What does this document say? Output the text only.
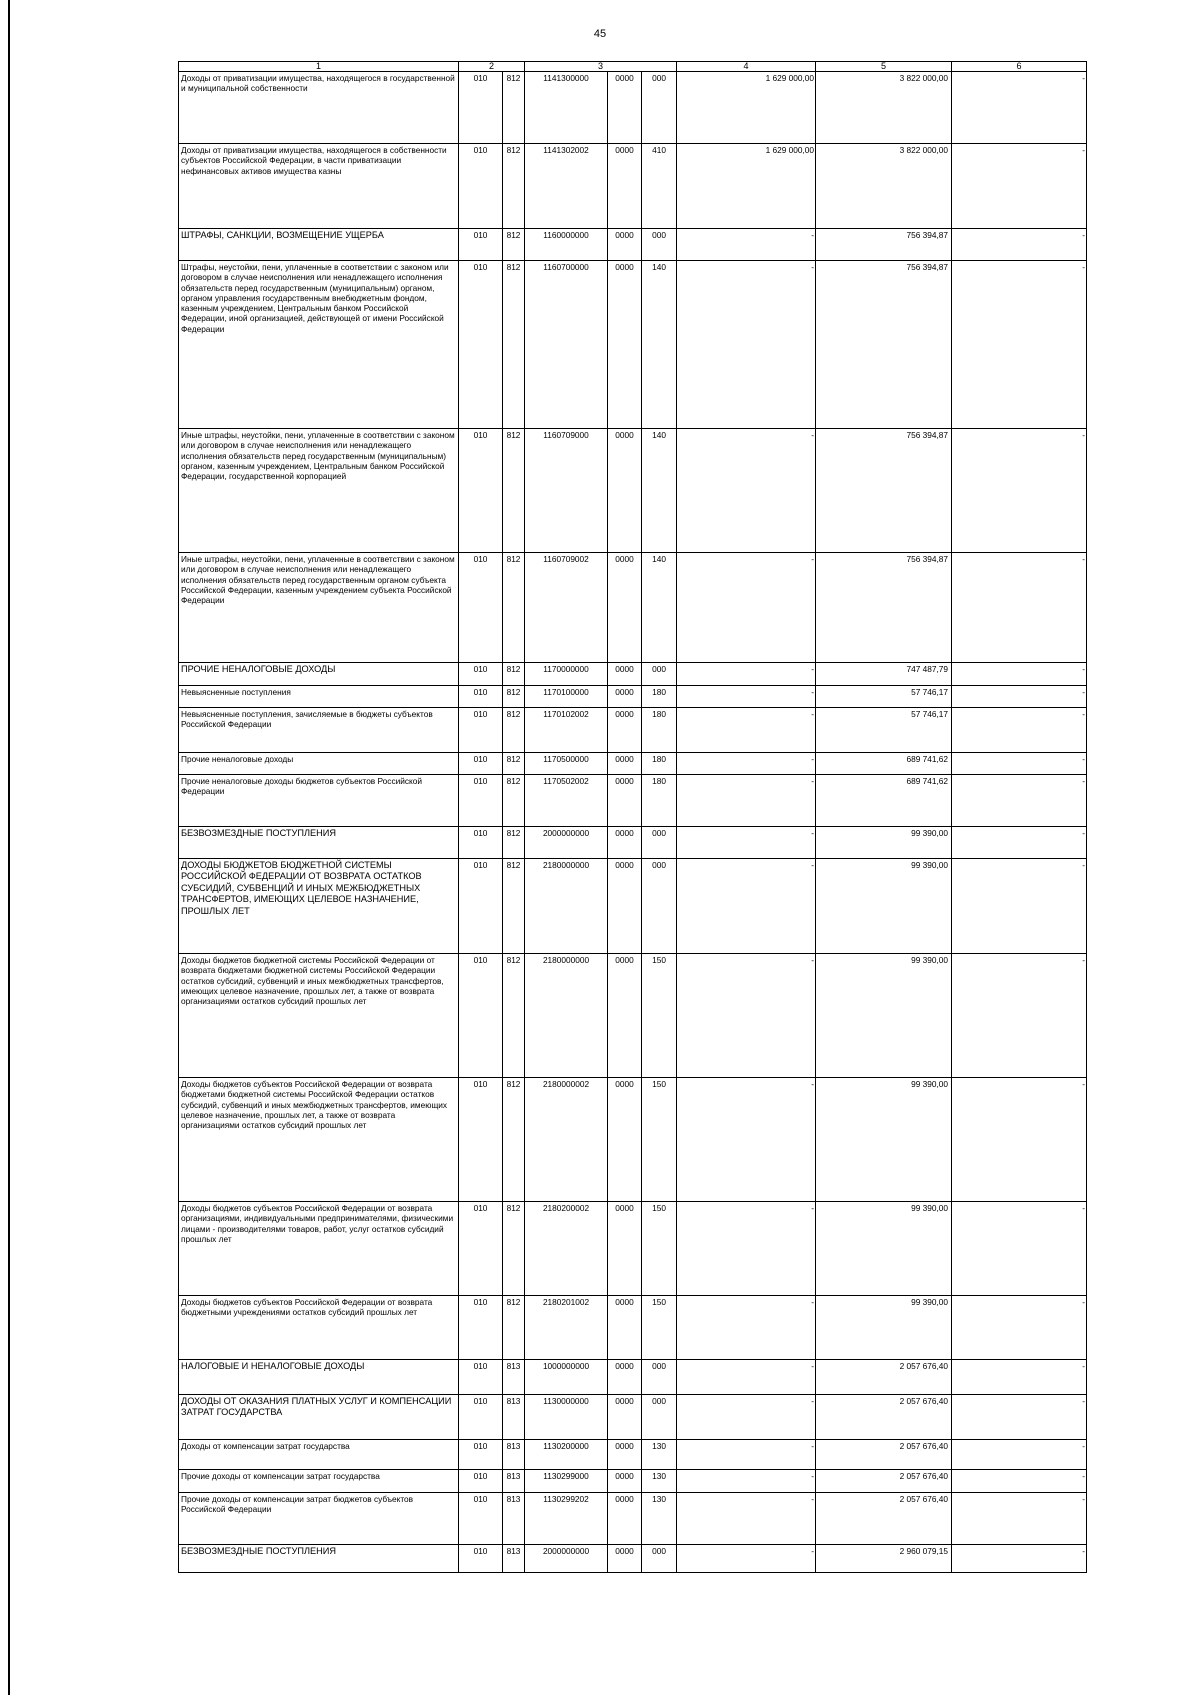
45
1	2		3			4	5	6
Доходы от приватизации имущества, находящегося в государственной и муниципальной собственности	010	812	1141300000	0000	000	1 629 000,00	3 822 000,00	-
Доходы от приватизации имущества, находящегося в собственности субъектов Российской Федерации, в части приватизации нефинансовых активов имущества казны	010	812	1141302002	0000	410	1 629 000,00	3 822 000,00	-
ШТРАФЫ, САНКЦИИ, ВОЗМЕЩЕНИЕ УЩЕРБА	010	812	1160000000	0000	000	-	756 394,87	-
Штрафы, неустойки, пени, уплаченные в соответствии с законом или договором в случае неисполнения или ненадлежащего исполнения обязательств перед государственным (муниципальным) органом, органом управления государственным внебюджетным фондом, казенным учреждением, Центральным банком Российской Федерации, иной организацией, действующей от имени Российской Федерации	010	812	1160700000	0000	140	-	756 394,87	-
Иные штрафы, неустойки, пени, уплаченные в соответствии с законом или договором в случае неисполнения или ненадлежащего исполнения обязательств перед государственным (муниципальным) органом, казенным учреждением, Центральным банком Российской Федерации, государственной корпорацией	010	812	1160709000	0000	140	-	756 394,87	-
Иные штрафы, неустойки, пени, уплаченные в соответствии с законом или договором в случае неисполнения или ненадлежащего исполнения обязательств перед государственным органом субъекта Российской Федерации, казенным учреждением субъекта Российской Федерации	010	812	1160709002	0000	140	-	756 394,87	-
ПРОЧИЕ НЕНАЛОГОВЫЕ ДОХОДЫ	010	812	1170000000	0000	000	-	747 487,79	-
Невыясненные поступления	010	812	1170100000	0000	180	-	57 746,17	-
Невыясненные поступления, зачисляемые в бюджеты субъектов Российской Федерации	010	812	1170102002	0000	180	-	57 746,17	-
Прочие неналоговые доходы	010	812	1170500000	0000	180	-	689 741,62	-
Прочие неналоговые доходы бюджетов субъектов Российской Федерации	010	812	1170502002	0000	180	-	689 741,62	-
БЕЗВОЗМЕЗДНЫЕ ПОСТУПЛЕНИЯ	010	812	2000000000	0000	000	-	99 390,00	-
ДОХОДЫ БЮДЖЕТОВ БЮДЖЕТНОЙ СИСТЕМЫ РОССИЙСКОЙ ФЕДЕРАЦИИ ОТ ВОЗВРАТА ОСТАТКОВ СУБСИДИЙ, СУБВЕНЦИЙ И ИНЫХ МЕЖБЮДЖЕТНЫХ ТРАНСФЕРТОВ, ИМЕЮЩИХ ЦЕЛЕВОЕ НАЗНАЧЕНИЕ, ПРОШЛЫХ ЛЕТ	010	812	2180000000	0000	000	-	99 390,00	-
Доходы бюджетов бюджетной системы Российской Федерации от возврата бюджетами бюджетной системы Российской Федерации остатков субсидий, субвенций и иных межбюджетных трансфертов, имеющих целевое назначение, прошлых лет, а также от возврата организациями остатков субсидий прошлых лет	010	812	2180000000	0000	150	-	99 390,00	-
Доходы бюджетов субъектов Российской Федерации от возврата бюджетами бюджетной системы Российской Федерации остатков субсидий, субвенций и иных межбюджетных трансфертов, имеющих целевое назначение, прошлых лет, а также от возврата организациями остатков субсидий прошлых лет	010	812	2180000002	0000	150	-	99 390,00	-
Доходы бюджетов субъектов Российской Федерации от возврата организациями, индивидуальными предпринимателями, физическими лицами - производителями товаров, работ, услуг остатков субсидий прошлых лет	010	812	2180200002	0000	150	-	99 390,00	-
Доходы бюджетов субъектов Российской Федерации от возврата бюджетными учреждениями остатков субсидий прошлых лет	010	812	2180201002	0000	150	-	99 390,00	-
НАЛОГОВЫЕ И НЕНАЛОГОВЫЕ ДОХОДЫ	010	813	1000000000	0000	000	-	2 057 676,40	-
ДОХОДЫ ОТ ОКАЗАНИЯ ПЛАТНЫХ УСЛУГ И КОМПЕНСАЦИИ ЗАТРАТ ГОСУДАРСТВА	010	813	1130000000	0000	000	-	2 057 676,40	-
Доходы от компенсации затрат государства	010	813	1130200000	0000	130	-	2 057 676,40	-
Прочие доходы от компенсации затрат государства	010	813	1130299000	0000	130	-	2 057 676,40	-
Прочие доходы от компенсации затрат бюджетов субъектов Российской Федерации	010	813	1130299202	0000	130	-	2 057 676,40	-
БЕЗВОЗМЕЗДНЫЕ ПОСТУПЛЕНИЯ	010	813	2000000000	0000	000	-	2 960 079,15	-
